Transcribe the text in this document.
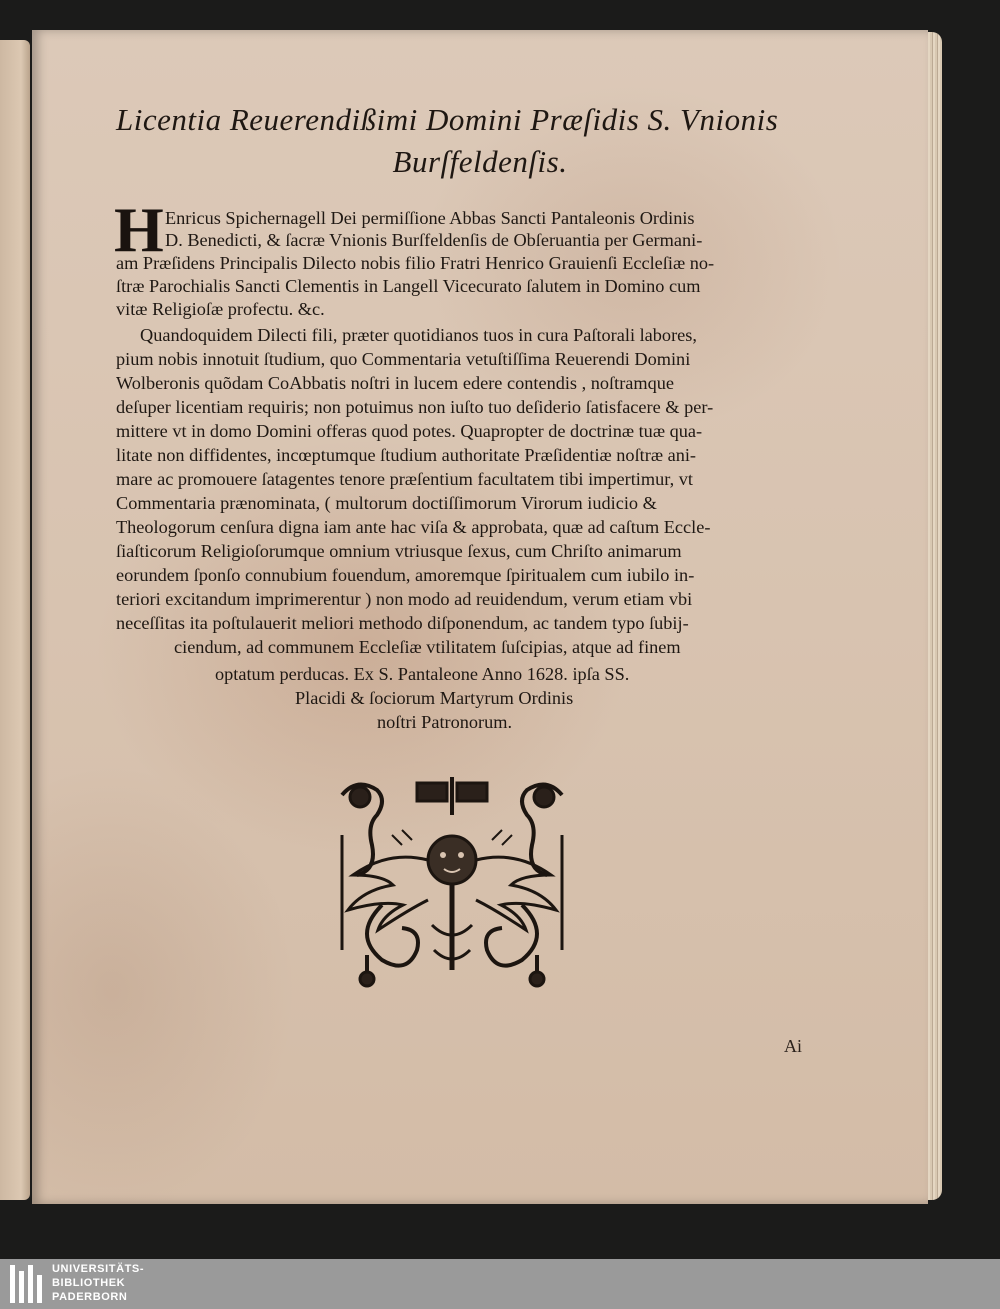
Licentia Reuerendißimi Domini Præſidis S. Vnionis
Burſfeldenſis.
H Enricus Spichernagell Dei permiſſione Abbas Sancti Pantaleonis Ordinis
D. Benedicti, & ſacræ Vnionis Burſfeldenſis de Obſeruantia per Germani-
am Præſidens Principalis Dilecto nobis filio Fratri Henrico Grauienſi Eccleſiæ no-
ſtræ Parochialis Sancti Clementis in Langell Vicecurato ſalutem in Domino cum
vitæ Religioſæ profectu. &c.
Quandoquidem Dilecti fili, præter quotidianos tuos in cura Paſtorali labores,
pium nobis innotuit ſtudium, quo Commentaria vetuſtiſſima Reuerendi Domini
Wolberonis quõdam CoAbbatis noſtri in lucem edere contendis , noſtramque
deſuper licentiam requiris; non potuimus non iuſto tuo deſiderio ſatisfacere & per-
mittere vt in domo Domini offeras quod potes. Quapropter de doctrinæ tuæ qua-
litate non diffidentes, incœptumque ſtudium authoritate Præſidentiæ noſtræ ani-
mare ac promouere ſatagentes tenore præſentium facultatem tibi impertimur, vt
Commentaria prænominata, ( multorum doctiſſimorum Virorum iudicio &
Theologorum cenſura digna iam ante hac viſa & approbata, quæ ad caſtum Eccle-
ſiaſticorum Religioſorumque omnium vtriusque ſexus, cum Chriſto animarum
eorundem ſponſo connubium fouendum, amoremque ſpiritualem cum iubilo in-
teriori excitandum imprimerentur ) non modo ad reuidendum, verum etiam vbi
neceſſitas ita poſtulauerit meliori methodo diſponendum, ac tandem typo ſubij-
ciendum, ad communem Eccleſiæ vtilitatem ſuſcipias, atque ad finem
optatum perducas. Ex S. Pantaleone Anno 1628. ipſa SS.
Placidi & ſociorum Martyrum Ordinis
noſtri Patronorum.
Ai
UNIVERSITÄTS-
BIBLIOTHEK
PADERBORN
